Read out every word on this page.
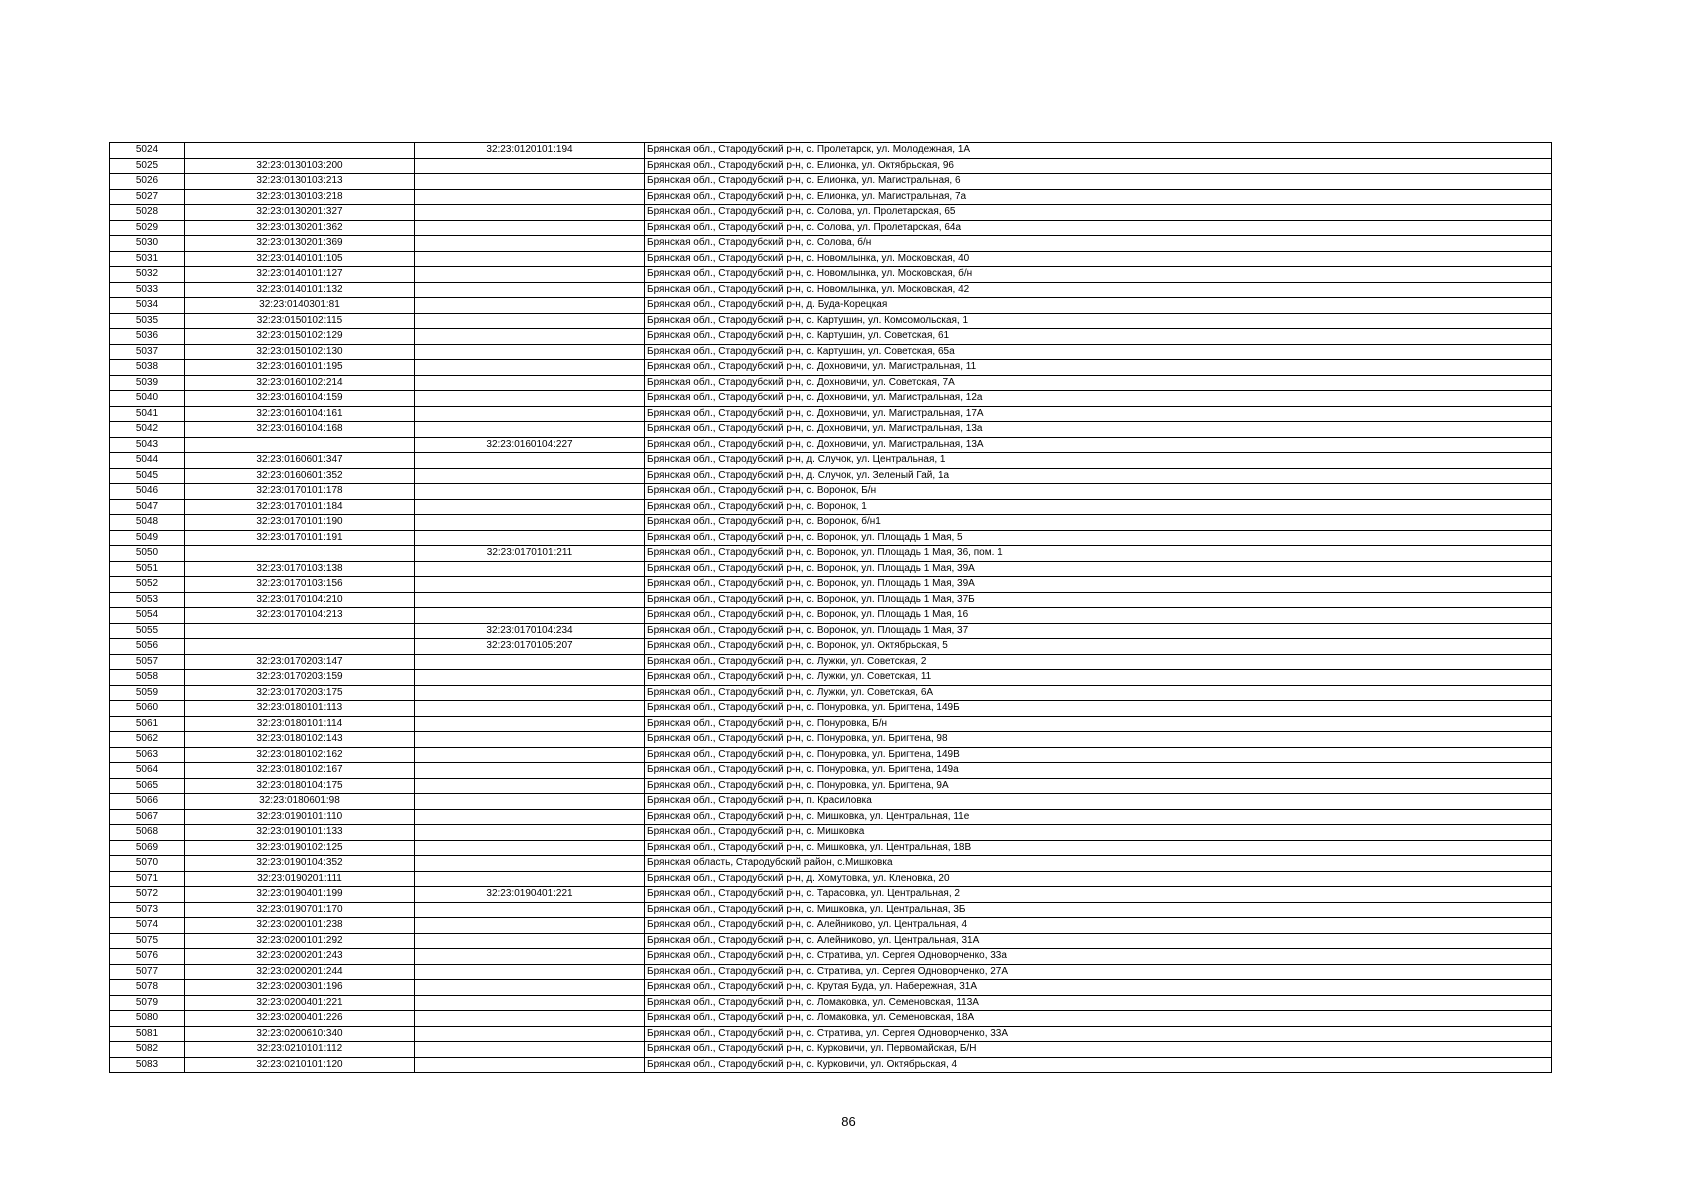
5024		32:23:0120101:194	Брянская обл., Стародубский р-н, с. Пролетарск, ул. Молодежная, 1А
5025	32:23:0130103:200		Брянская обл., Стародубский р-н, с. Елионка, ул. Октябрьская, 96
5026	32:23:0130103:213		Брянская обл., Стародубский р-н, с. Елионка, ул. Магистральная, 6
5027	32:23:0130103:218		Брянская обл., Стародубский р-н, с. Елионка, ул. Магистральная, 7а
5028	32:23:0130201:327		Брянская обл., Стародубский р-н, с. Солова, ул. Пролетарская, 65
5029	32:23:0130201:362		Брянская обл., Стародубский р-н, с. Солова, ул. Пролетарская, 64а
5030	32:23:0130201:369		Брянская обл., Стародубский р-н, с. Солова, б/н
5031	32:23:0140101:105		Брянская обл., Стародубский р-н, с. Новомлынка, ул. Московская, 40
5032	32:23:0140101:127		Брянская обл., Стародубский р-н, с. Новомлынка, ул. Московская, б/н
5033	32:23:0140101:132		Брянская обл., Стародубский р-н, с. Новомлынка, ул. Московская, 42
5034	32:23:0140301:81		Брянская обл., Стародубский р-н, д. Буда-Корецкая
5035	32:23:0150102:115		Брянская обл., Стародубский р-н, с. Картушин, ул. Комсомольская, 1
5036	32:23:0150102:129		Брянская обл., Стародубский р-н, с. Картушин, ул. Советская, 61
5037	32:23:0150102:130		Брянская обл., Стародубский р-н, с. Картушин, ул. Советская, 65а
5038	32:23:0160101:195		Брянская обл., Стародубский р-н, с. Дохновичи, ул. Магистральная, 11
5039	32:23:0160102:214		Брянская обл., Стародубский р-н, с. Дохновичи, ул. Советская, 7А
5040	32:23:0160104:159		Брянская обл., Стародубский р-н, с. Дохновичи, ул. Магистральная, 12а
5041	32:23:0160104:161		Брянская обл., Стародубский р-н, с. Дохновичи, ул. Магистральная, 17А
5042	32:23:0160104:168		Брянская обл., Стародубский р-н, с. Дохновичи, ул. Магистральная, 13а
5043		32:23:0160104:227	Брянская обл., Стародубский р-н, с. Дохновичи, ул. Магистральная, 13А
5044	32:23:0160601:347		Брянская обл., Стародубский р-н, д. Случок, ул. Центральная, 1
5045	32:23:0160601:352		Брянская обл., Стародубский р-н, д. Случок, ул. Зеленый Гай, 1а
5046	32:23:0170101:178		Брянская обл., Стародубский р-н, с. Воронок, Б/н
5047	32:23:0170101:184		Брянская обл., Стародубский р-н, с. Воронок, 1
5048	32:23:0170101:190		Брянская обл., Стародубский р-н, с. Воронок, б/н1
5049	32:23:0170101:191		Брянская обл., Стародубский р-н, с. Воронок, ул. Площадь 1 Мая, 5
5050		32:23:0170101:211	Брянская обл., Стародубский р-н, с. Воронок, ул. Площадь 1 Мая, 36, пом. 1
5051	32:23:0170103:138		Брянская обл., Стародубский р-н, с. Воронок, ул. Площадь 1 Мая, 39А
5052	32:23:0170103:156		Брянская обл., Стародубский р-н, с. Воронок, ул. Площадь 1 Мая, 39А
5053	32:23:0170104:210		Брянская обл., Стародубский р-н, с. Воронок, ул. Площадь 1 Мая, 37Б
5054	32:23:0170104:213		Брянская обл., Стародубский р-н, с. Воронок, ул. Площадь 1 Мая, 16
5055		32:23:0170104:234	Брянская обл., Стародубский р-н, с. Воронок, ул. Площадь 1 Мая, 37
5056		32:23:0170105:207	Брянская обл., Стародубский р-н, с. Воронок, ул. Октябрьская, 5
5057	32:23:0170203:147		Брянская обл., Стародубский р-н, с. Лужки, ул. Советская, 2
5058	32:23:0170203:159		Брянская обл., Стародубский р-н, с. Лужки, ул. Советская, 11
5059	32:23:0170203:175		Брянская обл., Стародубский р-н, с. Лужки, ул. Советская, 6А
5060	32:23:0180101:113		Брянская обл., Стародубский р-н, с. Понуровка, ул. Бригтена, 149Б
5061	32:23:0180101:114		Брянская обл., Стародубский р-н, с. Понуровка, Б/н
5062	32:23:0180102:143		Брянская обл., Стародубский р-н, с. Понуровка, ул. Бригтена, 98
5063	32:23:0180102:162		Брянская обл., Стародубский р-н, с. Понуровка, ул. Бригтена, 149В
5064	32:23:0180102:167		Брянская обл., Стародубский р-н, с. Понуровка, ул. Бригтена, 149а
5065	32:23:0180104:175		Брянская обл., Стародубский р-н, с. Понуровка, ул. Бригтена, 9А
5066	32:23:0180601:98		Брянская обл., Стародубский р-н, п. Красиловка
5067	32:23:0190101:110		Брянская обл., Стародубский р-н, с. Мишковка, ул. Центральная, 11е
5068	32:23:0190101:133		Брянская обл., Стародубский р-н, с. Мишковка
5069	32:23:0190102:125		Брянская обл., Стародубский р-н, с. Мишковка, ул. Центральная, 18В
5070	32:23:0190104:352		Брянская область, Стародубский район, с.Мишковка
5071	32:23:0190201:111		Брянская обл., Стародубский р-н, д. Хомутовка, ул. Кленовка, 20
5072	32:23:0190401:199	32:23:0190401:221	Брянская обл., Стародубский р-н, с. Тарасовка, ул. Центральная, 2
5073	32:23:0190701:170		Брянская обл., Стародубский р-н, с. Мишковка, ул. Центральная, 3Б
5074	32:23:0200101:238		Брянская обл., Стародубский р-н, с. Алейниково, ул. Центральная, 4
5075	32:23:0200101:292		Брянская обл., Стародубский р-н, с. Алейниково, ул. Центральная, 31А
5076	32:23:0200201:243		Брянская обл., Стародубский р-н, с. Стратива, ул. Сергея Одноворченко, 33а
5077	32:23:0200201:244		Брянская обл., Стародубский р-н, с. Стратива, ул. Сергея Одноворченко, 27А
5078	32:23:0200301:196		Брянская обл., Стародубский р-н, с. Крутая Буда, ул. Набережная, 31А
5079	32:23:0200401:221		Брянская обл., Стародубский р-н, с. Ломаковка, ул. Семеновская, 113А
5080	32:23:0200401:226		Брянская обл., Стародубский р-н, с. Ломаковка, ул. Семеновская, 18А
5081	32:23:0200610:340		Брянская обл., Стародубский р-н, с. Стратива, ул. Сергея Одноворченко, 33А
5082	32:23:0210101:112		Брянская обл., Стародубский р-н, с. Курковичи, ул. Первомайская, Б/Н
5083	32:23:0210101:120		Брянская обл., Стародубский р-н, с. Курковичи, ул. Октябрьская, 4
86
